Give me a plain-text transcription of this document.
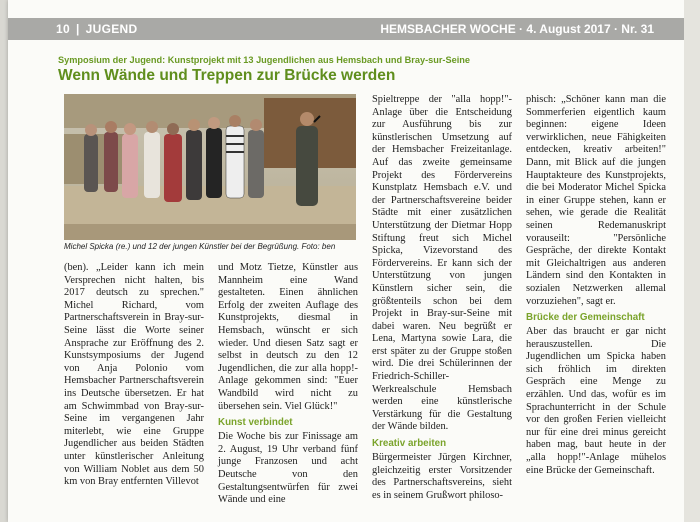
10 | JUGEND	HEMSBACHER WOCHE · 4. August 2017 · Nr. 31
Symposium der Jugend: Kunstprojekt mit 13 Jugendlichen aus Hemsbach und Bray-sur-Seine
Wenn Wände und Treppen zur Brücke werden
Michel Spicka (re.) und 12 der jungen Künstler bei der Begrüßung. Foto: ben

(ben). „Leider kann ich mein Versprechen nicht halten, bis 2017 deutsch zu sprechen." Michel Richard, vom Partnerschaftsverein in Bray-sur-Seine lässt die Worte seiner Ansprache zur Eröffnung des 2. Kunstsymposiums der Jugend von Anja Polonio vom Hemsbacher Partnerschaftsverein ins Deutsche übersetzen. Er hat am Schwimmbad von Bray-sur-Seine im vergangenen Jahr miterlebt, wie eine Gruppe Jugendlicher aus beiden Städten unter künstlerischer Anleitung von William Noblet aus dem 50 km von Bray entfernten Villevot

und Motz Tietze, Künstler aus Mannheim eine Wand gestalteten. Einen ähnlichen Erfolg der zweiten Auflage des Kunstprojekts, diesmal in Hemsbach, wünscht er sich wieder. Und diesen Satz sagt er selbst in deutsch zu den 12 Jugendlichen, die zur alla hopp!-Anlage gekommen sind: "Euer Wandbild wird nicht zu übersehen sein. Viel Glück!"

Kunst verbindet

Die Woche bis zur Finissage am 2. August, 19 Uhr verband fünf junge Franzosen und acht Deutsche von den Gestaltungsentwürfen für zwei Wände und eine

Spieltreppe der "alla hopp!"-Anlage über die Entscheidung zur Ausführung bis zur künstlerischen Umsetzung auf der Hemsbacher Freizeitanlage. Auf das zweite gemeinsame Projekt des Fördervereins Kunstplatz Hemsbach e.V. und der Partnerschaftsvereine beider Städte mit einer zusätzlichen Unterstützung der Dietmar Hopp Stiftung freut sich Michel Spicka, Vizevorstand des Fördervereins. Er kann sich der Unterstützung von jungen Künstlern sicher sein, die größtenteils schon bei dem Projekt in Bray-sur-Seine mit dabei waren. Neu begrüßt er Lena, Martyna sowie Lara, die erst später zu der Gruppe stoßen wird. Die drei Schülerinnen der Friedrich-Schiller-Werkrealschule Hemsbach werden eine künstlerische Verstärkung für die Gestaltung der Wände bilden.

Kreativ arbeiten

Bürgermeister Jürgen Kirchner, gleichzeitig erster Vorsitzender des Partnerschaftsvereins, sieht es in seinem Grußwort philoso-

phisch: „Schöner kann man die Sommerferien eigentlich kaum beginnen: eigene Ideen verwirklichen, neue Fähigkeiten entdecken, kreativ arbeiten!" Dann, mit Blick auf die jungen Hauptakteure des Kunstprojekts, die bei Moderator Michel Spicka in einer Gruppe stehen, kann er sehen, wie gerade die Realität seinen Redemanuskript vorauseilt: "Persönliche Gespräche, der direkte Kontakt mit Gleichaltrigen aus anderen Ländern sind den Kontakten in sozialen Netzwerken allemal vorzuziehen", sagt er.

Brücke der Gemeinschaft

Aber das braucht er gar nicht herauszustellen. Die Jugendlichen um Spicka haben sich fröhlich im direkten Gespräch eine Menge zu erzählen. Und das, wofür es im Sprachunterricht in der Schule vor den großen Ferien vielleicht nur für eine drei minus gereicht haben mag, baut heute in der „alla hopp!"-Anlage mühelos eine Brücke der Gemeinschaft.
